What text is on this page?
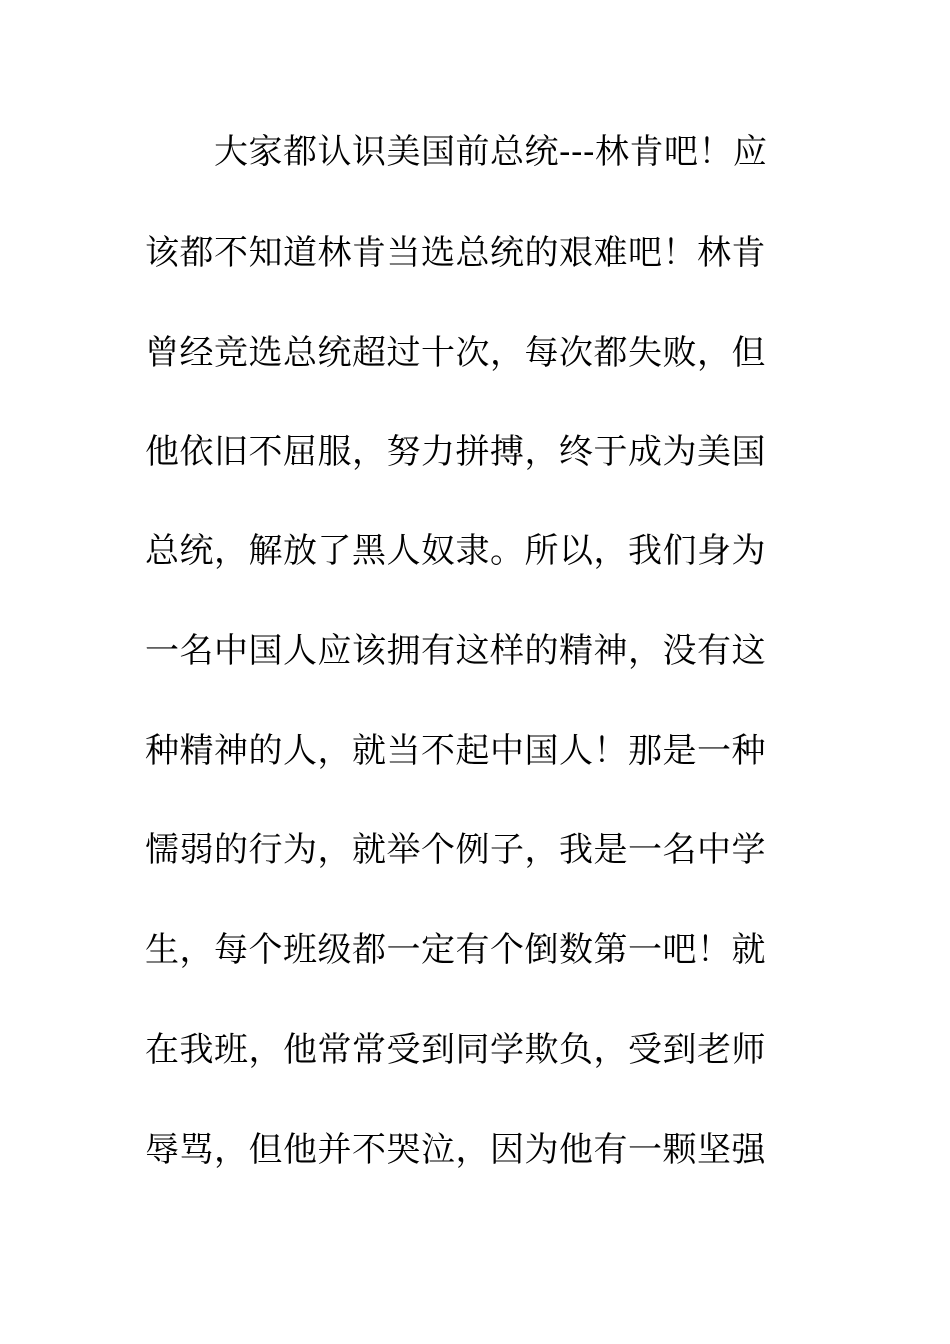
大家都认识美国前总统---林肯吧！应
该都不知道林肯当选总统的艰难吧！林肯
曾经竞选总统超过十次，每次都失败，但
他依旧不屈服，努力拼搏，终于成为美国
总统，解放了黑人奴隶。所以，我们身为
一名中国人应该拥有这样的精神，没有这
种精神的人，就当不起中国人！那是一种
懦弱的行为，就举个例子，我是一名中学
生，每个班级都一定有个倒数第一吧！就
在我班，他常常受到同学欺负，受到老师
辱骂，但他并不哭泣，因为他有一颗坚强
